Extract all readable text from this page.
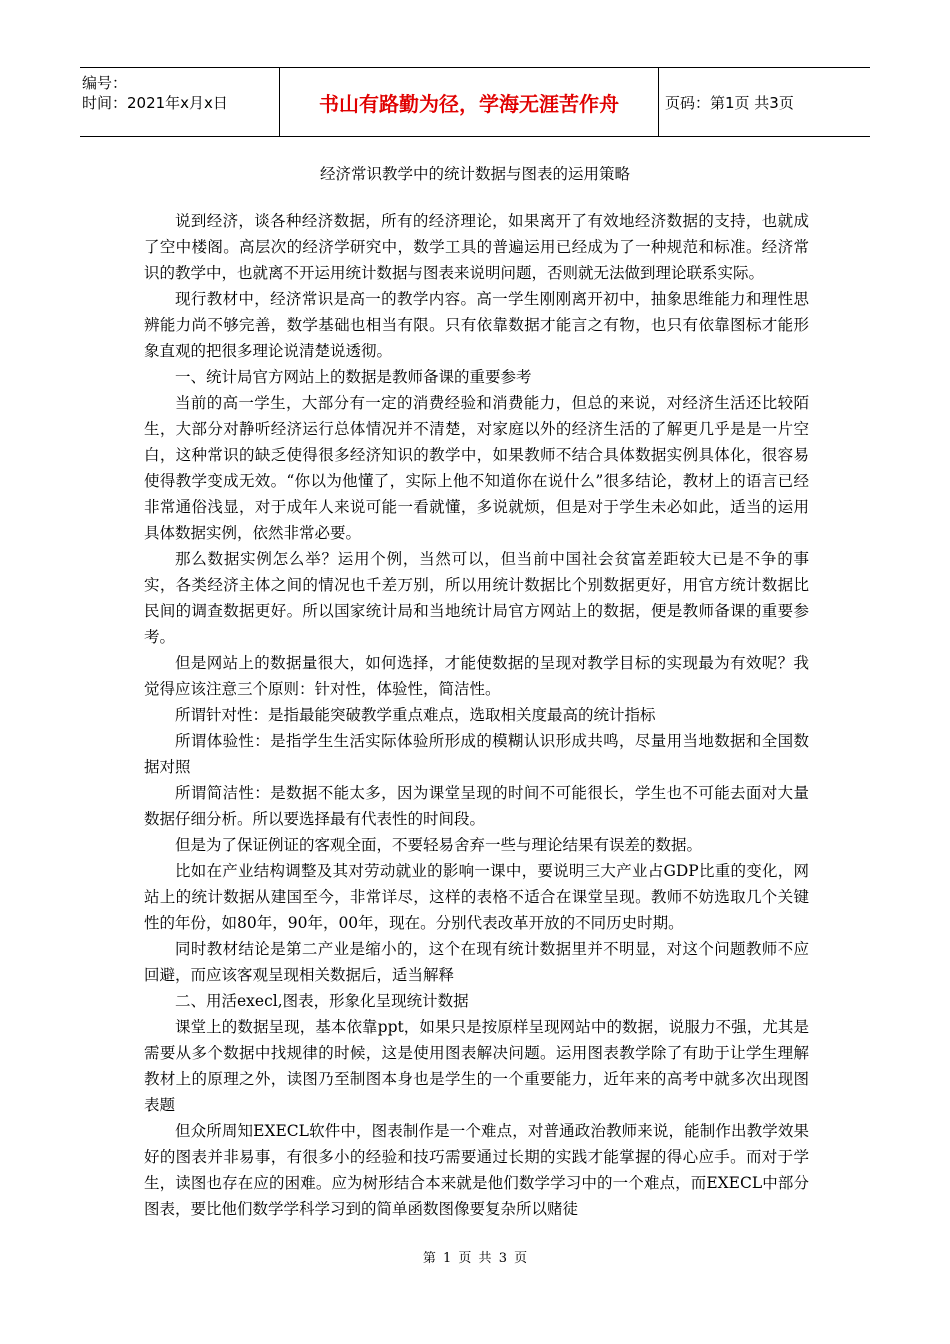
编号：
时间：2021年x月x日	书山有路勤为径，学海无涯苦作舟	页码：第1页 共3页
经济常识教学中的统计数据与图表的运用策略

说到经济，谈各种经济数据，所有的经济理论，如果离开了有效地经济数据的支持，也就成了空中楼阁。高层次的经济学研究中，数学工具的普遍运用已经成为了一种规范和标准。经济常识的教学中，也就离不开运用统计数据与图表来说明问题，否则就无法做到理论联系实际。

现行教材中，经济常识是高一的教学内容。高一学生刚刚离开初中，抽象思维能力和理性思辨能力尚不够完善，数学基础也相当有限。只有依靠数据才能言之有物，也只有依靠图标才能形象直观的把很多理论说清楚说透彻。

一、统计局官方网站上的数据是教师备课的重要参考

当前的高一学生，大部分有一定的消费经验和消费能力，但总的来说，对经济生活还比较陌生，大部分对静听经济运行总体情况并不清楚，对家庭以外的经济生活的了解更几乎是是一片空白，这种常识的缺乏使得很多经济知识的教学中，如果教师不结合具体数据实例具体化，很容易使得教学变成无效。“你以为他懂了，实际上他不知道你在说什么”很多结论，教材上的语言已经非常通俗浅显，对于成年人来说可能一看就懂，多说就烦，但是对于学生未必如此，适当的运用具体数据实例，依然非常必要。

那么数据实例怎么举？运用个例，当然可以，但当前中国社会贫富差距较大已是不争的事实，各类经济主体之间的情况也千差万别，所以用统计数据比个别数据更好，用官方统计数据比民间的调查数据更好。所以国家统计局和当地统计局官方网站上的数据，便是教师备课的重要参考。

但是网站上的数据量很大，如何选择，才能使数据的呈现对教学目标的实现最为有效呢？我觉得应该注意三个原则：针对性，体验性，简洁性。

所谓针对性：是指最能突破教学重点难点，选取相关度最高的统计指标

所谓体验性：是指学生生活实际体验所形成的模糊认识形成共鸣，尽量用当地数据和全国数据对照

所谓简洁性：是数据不能太多，因为课堂呈现的时间不可能很长，学生也不可能去面对大量数据仔细分析。所以要选择最有代表性的时间段。

但是为了保证例证的客观全面，不要轻易舍弃一些与理论结果有误差的数据。

比如在产业结构调整及其对劳动就业的影响一课中，要说明三大产业占GDP比重的变化，网站上的统计数据从建国至今，非常详尽，这样的表格不适合在课堂呈现。教师不妨选取几个关键性的年份，如80年，90年，00年，现在。分别代表改革开放的不同历史时期。

同时教材结论是第二产业是缩小的，这个在现有统计数据里并不明显，对这个问题教师不应回避，而应该客观呈现相关数据后，适当解释

二、用活execl,图表，形象化呈现统计数据

课堂上的数据呈现，基本依靠ppt，如果只是按原样呈现网站中的数据，说服力不强，尤其是需要从多个数据中找规律的时候，这是使用图表解决问题。运用图表教学除了有助于让学生理解教材上的原理之外，读图乃至制图本身也是学生的一个重要能力，近年来的高考中就多次出现图表题

但众所周知EXECL软件中，图表制作是一个难点，对普通政治教师来说，能制作出教学效果好的图表并非易事，有很多小的经验和技巧需要通过长期的实践才能掌握的得心应手。而对于学生，读图也存在应的困难。应为树形结合本来就是他们数学学习中的一个难点，而EXECL中部分图表，要比他们数学学科学习到的简单函数图像要复杂所以赌徒

第 1 页 共 3 页
